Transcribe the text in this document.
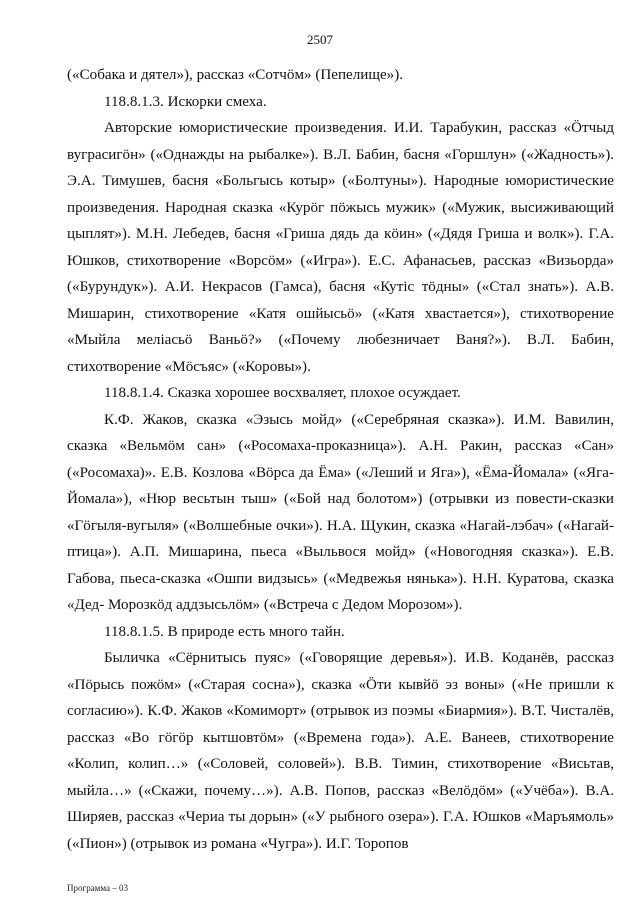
2507

(«Собака и дятел»), рассказ «Сотчӧм» (Пепелище»).

118.8.1.3. Искорки смеха.

Авторские юмористические произведения. И.И. Тарабукин, рассказ «Ӧтчыд вуграсигӧн» («Однажды на рыбалке»). В.Л. Бабин, басня «Горшлун» («Жадность»). Э.А. Тимушев, басня «Больгысь котыр» («Болтуны»). Народные юмористические произведения. Народная сказка «Курӧг пӧжысь мужик» («Мужик, высиживающий цыплят»). М.Н. Лебедев, басня «Гриша дядь да кӧин» («Дядя Гриша и волк»). Г.А. Юшков, стихотворение «Ворсӧм» («Игра»). Е.С. Афанасьев, рассказ «Визьорда» («Бурундук»). А.И. Некрасов (Гамса), басня «Кутіс тӧдны» («Стал знать»). А.В. Мишарин, стихотворение «Катя ошйысьӧ» («Катя хвастается»), стихотворение «Мыйла меліасьӧ Ваньӧ?» («Почему любезничает Ваня?»). В.Л. Бабин, стихотворение «Мӧсъяс» («Коровы»).

118.8.1.4. Сказка хорошее восхваляет, плохое осуждает.

К.Ф. Жаков, сказка «Эзысь мойд» («Серебряная сказка»). И.М. Вавилин, сказка «Вельмӧм сан» («Росомаха-проказница»). А.Н. Ракин, рассказ «Сан» («Росомаха)». Е.В. Козлова «Вӧрса да Ёма» («Леший и Яга»), «Ёма-Йомала» («Яга-Йомала»), «Нюр весьтын тыш» («Бой над болотом») (отрывки из повести-сказки «Гӧгыля-вугыля» («Волшебные очки»). Н.А. Щукин, сказка «Нагай-лэбач» («Нагай-птица»). А.П. Мишарина, пьеса «Выльвося мойд» («Новогодняя сказка»). Е.В. Габова, пьеса-сказка «Ошпи видзысь» («Медвежья нянька»). Н.Н. Куратова, сказка «Дед- Морозкӧд аддзысьлӧм» («Встреча с Дедом Морозом»).

118.8.1.5. В природе есть много тайн.

Быличка «Сёрнитысь пуяс» («Говорящие деревья»). И.В. Коданёв, рассказ «Пӧрысь пожӧм» («Старая сосна»), сказка «Ӧти кывйӧ эз воны» («Не пришли к согласию»). К.Ф. Жаков «Комиморт» (отрывок из поэмы «Биармия»). В.Т. Чисталёв, рассказ «Во гӧгӧр кытшовтӧм» («Времена года»). А.Е. Ванеев, стихотворение «Колип, колип…» («Соловей, соловей»). В.В. Тимин, стихотворение «Висьтав, мыйла…» («Скажи, почему…»). А.В. Попов, рассказ «Велӧдӧм» («Учёба»). В.А. Ширяев, рассказ «Чериа ты дорын» («У рыбного озера»). Г.А. Юшков «Маръямоль» («Пион») (отрывок из романа «Чугра»). И.Г. Торопов

Программа – 03
